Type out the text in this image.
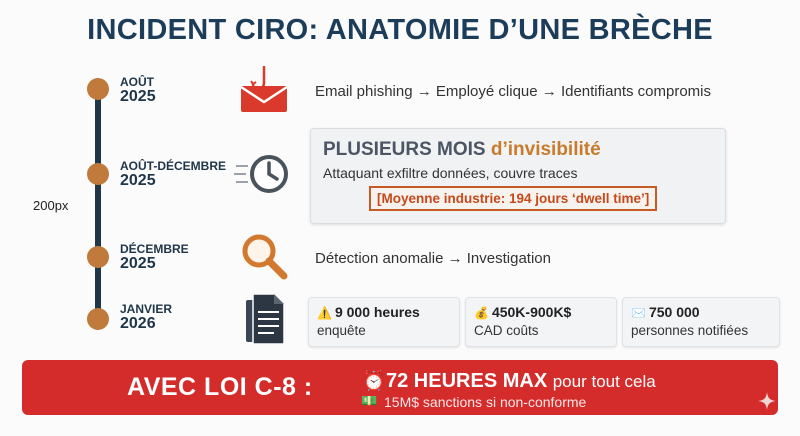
INCIDENT CIRO: ANATOMIE D’UNE BRÈCHE
200px
AOÛT
2025
AOÛT-DÉCEMBRE
2025
DÉCEMBRE
2025
JANVIER
2026
Email phishing → Employé clique → Identifiants compromis
Détection anomalie → Investigation
PLUSIEURS MOIS d’invisibilité
Attaquant exfiltre données, couvre traces
[Moyenne industrie: 194 jours ‘dwell time’]
⚠️ 9 000 heures
enquête
💰 450K-900K$
CAD coûts
✉️ 750 000
personnes notifiées
AVEC LOI C-8 :	⏰ 72 HEURES MAX pour tout cela
💵 15M$ sanctions si non-conforme
